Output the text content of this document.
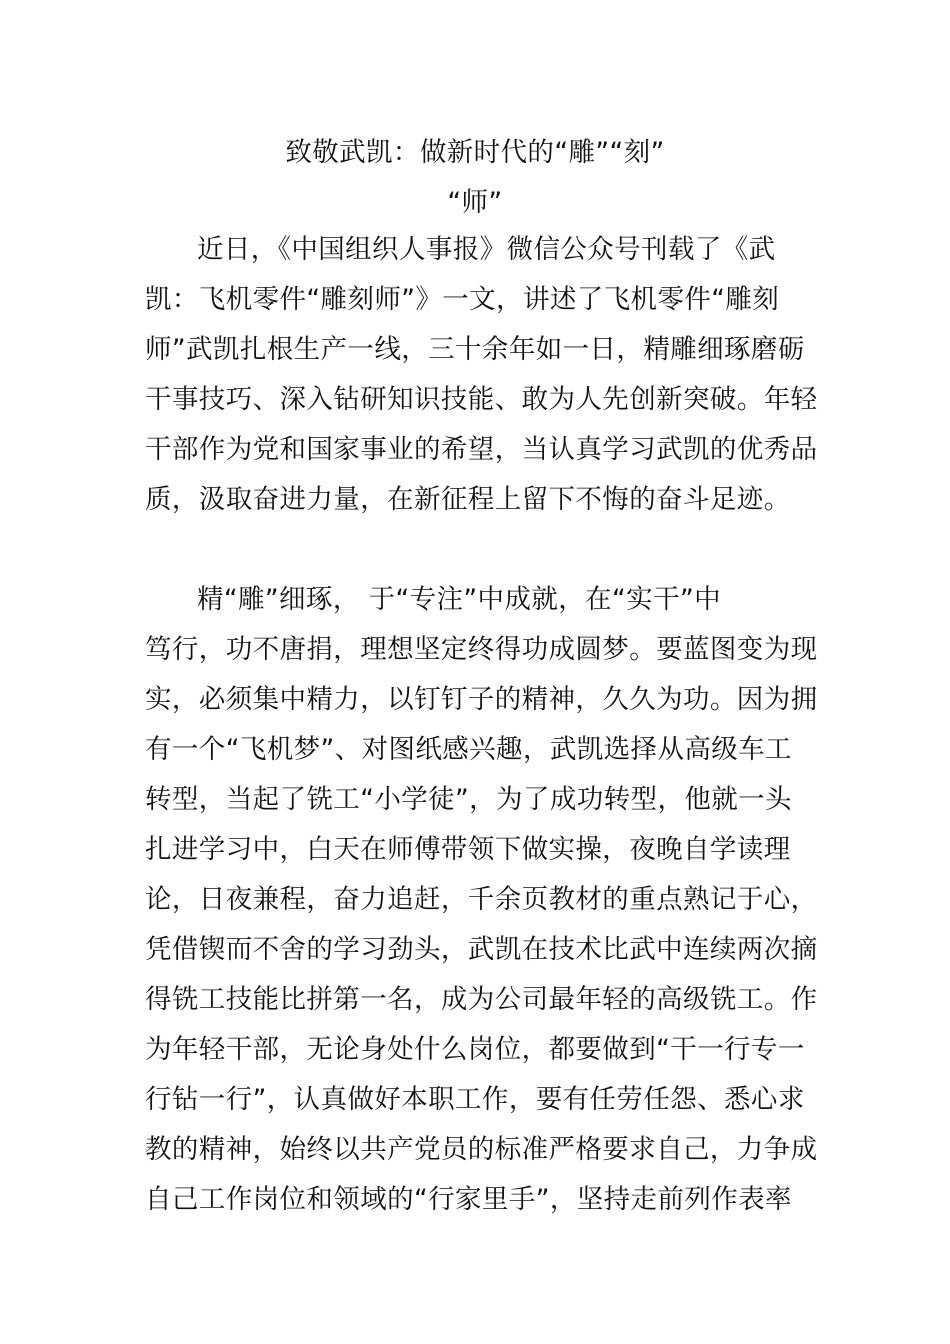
致敬武凯：做新时代的“雕”“刻”
“师”
近日，《中国组织人事报》微信公众号刊载了《武
凯：飞机零件“雕刻师”》一文，讲述了飞机零件“雕刻
师”武凯扎根生产一线，三十余年如一日，精雕细琢磨砺
干事技巧、深入钻研知识技能、敢为人先创新突破。年轻
干部作为党和国家事业的希望，当认真学习武凯的优秀品
质，汲取奋进力量，在新征程上留下不悔的奋斗足迹。
精“雕”细琢， 于“专注”中成就，在“实干”中
笃行，功不唐捐，理想坚定终得功成圆梦。要蓝图变为现
实，必须集中精力，以钉钉子的精神，久久为功。因为拥
有一个“飞机梦”、对图纸感兴趣，武凯选择从高级车工
转型，当起了铣工“小学徒”，为了成功转型，他就一头
扎进学习中，白天在师傅带领下做实操，夜晚自学读理
论，日夜兼程，奋力追赶，千余页教材的重点熟记于心，
凭借锲而不舍的学习劲头，武凯在技术比武中连续两次摘
得铣工技能比拼第一名，成为公司最年轻的高级铣工。作
为年轻干部，无论身处什么岗位，都要做到“干一行专一
行钻一行”，认真做好本职工作，要有任劳任怨、悉心求
教的精神，始终以共产党员的标准严格要求自己，力争成
自己工作岗位和领域的“行家里手”，坚持走前列作表率
